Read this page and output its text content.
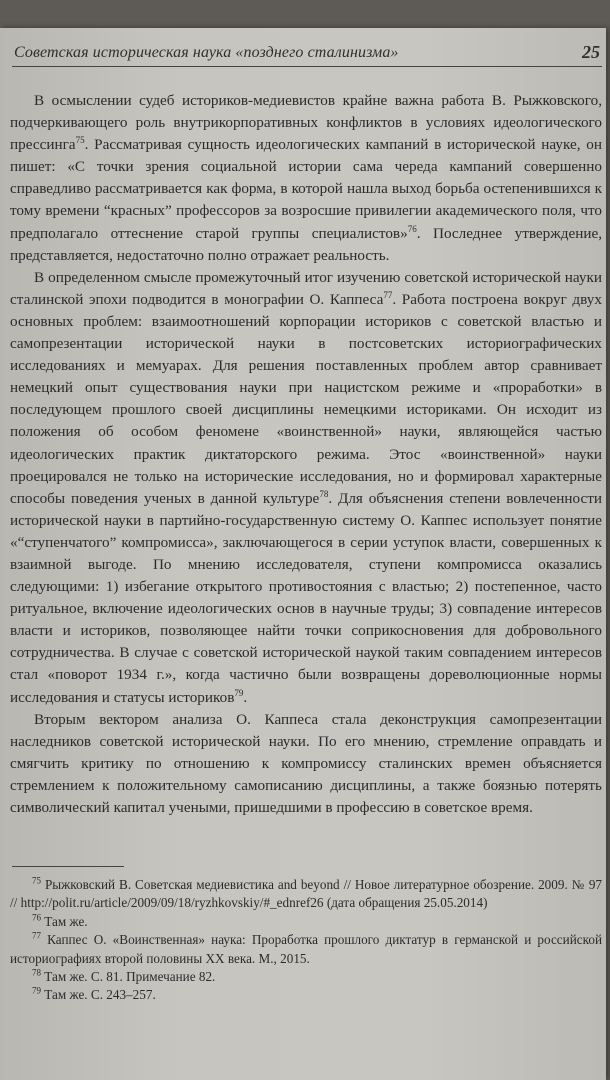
Советская историческая наука «позднего сталинизма»	25

В осмыслении судеб историков-медиевистов крайне важна работа В. Рыжковского, подчеркивающего роль внутрикорпоративных конфликтов в условиях идеологического прессинга$^{75}$. Рассматривая сущность идеологических кампаний в исторической науке, он пишет: «С точки зрения социальной истории сама череда кампаний совершенно справедливо рассматривается как форма, в которой нашла выход борьба остепенившихся к тому времени “красных” профессоров за возросшие привилегии академического поля, что предполагало оттеснение старой группы специалистов»$^{76}$. Последнее утверждение, представляется, недостаточно полно отражает реальность.

В определенном смысле промежуточный итог изучению советской исторической науки сталинской эпохи подводится в монографии О. Каппеса$^{77}$. Работа построена вокруг двух основных проблем: взаимоотношений корпорации историков с советской властью и самопрезентации исторической науки в постсоветских историографических исследованиях и мемуарах. Для решения поставленных проблем автор сравнивает немецкий опыт существования науки при нацистском режиме и «проработки» в последующем прошлого своей дисциплины немецкими историками. Он исходит из положения об особом феномене «воинственной» науки, являющейся частью идеологических практик диктаторского режима. Этос «воинственной» науки проецировался не только на исторические исследования, но и формировал характерные способы поведения ученых в данной культуре$^{78}$. Для объяснения степени вовлеченности исторической науки в партийно-государственную систему О. Каппес использует понятие «“ступенчатого” компромисса», заключающегося в серии уступок власти, совершенных к взаимной выгоде. По мнению исследователя, ступени компромисса оказались следующими: 1) избегание открытого противостояния с властью; 2) постепенное, часто ритуальное, включение идеологических основ в научные труды; 3) совпадение интересов власти и историков, позволяющее найти точки соприкосновения для добровольного сотрудничества. В случае с советской исторической наукой таким совпадением интересов стал «поворот 1934 г.», когда частично были возвращены дореволюционные нормы исследования и статусы историков$^{79}$.

Вторым вектором анализа О. Каппеса стала деконструкция самопрезентации наследников советской исторической науки. По его мнению, стремление оправдать и смягчить критику по отношению к компромиссу сталинских времен объясняется стремлением к положительному самописанию дисциплины, а также боязнью потерять символический капитал учеными, пришедшими в профессию в советское время.

$^{75}$ Рыжковский В. Советская медиевистика and beyond // Новое литературное обозрение. 2009. № 97 // http://polit.ru/article/2009/09/18/ryzhkovskiy/#_ednref26 (дата обращения 25.05.2014)

$^{76}$ Там же.

$^{77}$ Каппес О. «Воинственная» наука: Проработка прошлого диктатур в германской и российской историографиях второй половины XX века. М., 2015.

$^{78}$ Там же. С. 81. Примечание 82.

$^{79}$ Там же. С. 243–257.
